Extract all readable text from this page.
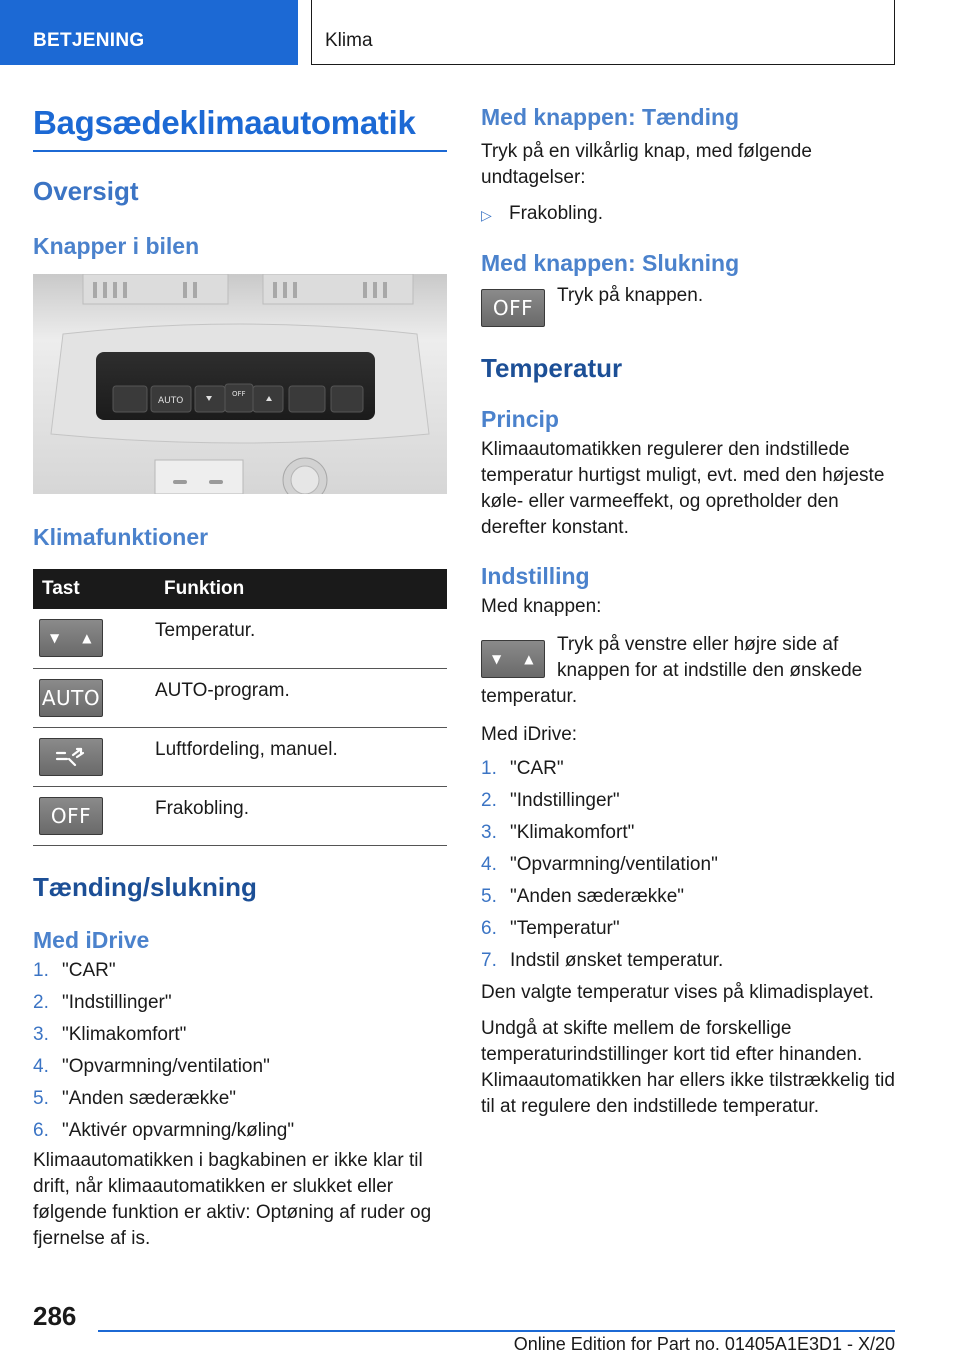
BETJENING	Klima
Bagsædeklimaautomatik
Oversigt
Knapper i bilen
AUTO
OFF
Klimafunktioner
Tast	Funktion

▼ ▲	Temperatur.

AUTO	AUTO-program.

	Luftfordeling, manuel.

OFF	Frakobling.
Tænding/slukning
Med iDrive
1. "CAR"
2. "Indstillinger"
3. "Klimakomfort"
4. "Opvarmning/ventilation"
5. "Anden sæderække"
6. "Aktivér opvarmning/køling"

Klimaautomatikken i bagkabinen er ikke klar til drift, når klimaautomatikken er slukket eller følgende funktion er aktiv: Optøning af ruder og fjernelse af is.

Med knappen: Tænding

Tryk på en vilkårlig knap, med følgende undtagelser:

▷ Frakobling.
Med knappen: Slukning
OFF

Tryk på knappen.

Temperatur
Princip

Klimaautomatikken regulerer den indstillede temperatur hurtigst muligt, evt. med den højeste køle- eller varmeeffekt, og opretholder den derefter konstant.

Indstilling

Med knappen:

▼ ▲

Tryk på venstre eller højre side af knappen for at indstille den ønskede temperatur.

Med iDrive:

1. "CAR"
2. "Indstillinger"
3. "Klimakomfort"
4. "Opvarmning/ventilation"
5. "Anden sæderække"
6. "Temperatur"
7. Indstil ønsket temperatur.

Den valgte temperatur vises på klimadisplayet.

Undgå at skifte mellem de forskellige temperaturindstillinger kort tid efter hinanden. Klimaautomatikken har ellers ikke tilstrækkelig tid til at regulere den indstillede temperatur.

286
Online Edition for Part no. 01405A1E3D1 - X/20
